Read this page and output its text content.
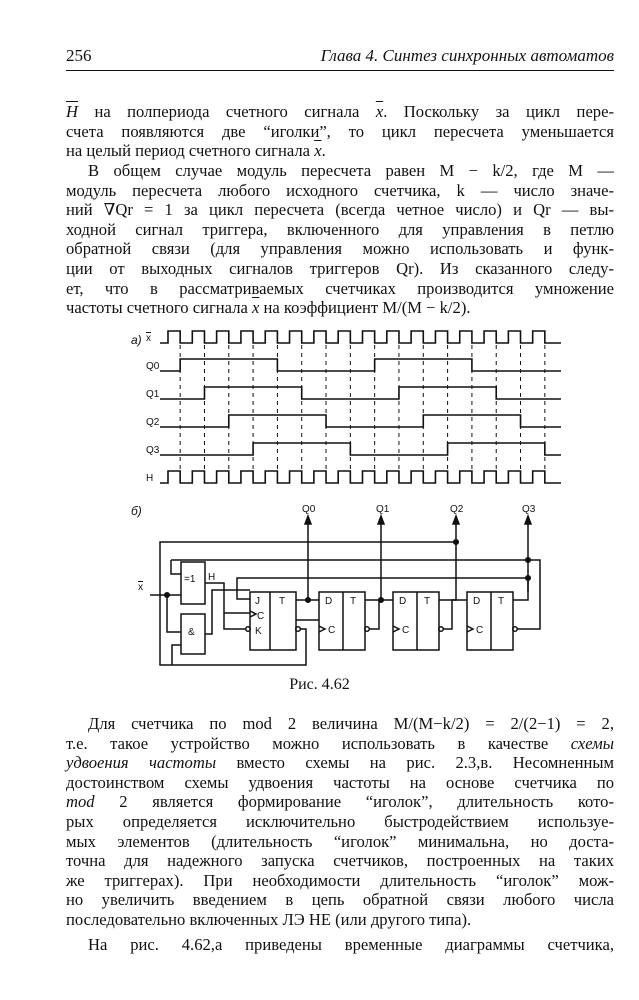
256	Глава 4. Синтез синхронных автоматов
$\overline{H}$ на полпериода счетного сигнала $\overline{x}$. Поскольку за цикл пере-
счета появляются две “иголки”, то цикл пересчета уменьшается
на целый период счетного сигнала $\overline{x}$.
В общем случае модуль пересчета равен M − k/2, где M —
модуль пересчета любого исходного счетчика, k — число значе-
ний ∇Qr = 1 за цикл пересчета (всегда четное число) и Qr — вы-
ходной сигнал триггера, включенного для управления в петлю
обратной связи (для управления можно использовать и функ-
ции от выходных сигналов триггеров Qr). Из сказанного следу-
ет, что в рассматриваемых счетчиках производится умножение
частоты счетного сигнала $\overline{x}$ на коэффициент M/(M − k/2).
а) x
Q0
Q1
Q2
Q3
H
б)	Q0	Q1	Q2	Q3
x
=1 H
&
J
C
K
T	D
C
T	D
C
T	D
C
T
Рис. 4.62
Для счетчика по mod 2 величина M/(M−k/2) = 2/(2−1) = 2,
т.е. такое устройство можно использовать в качестве схемы
удвоения частоты вместо схемы на рис. 2.3,в. Несомненным
достоинством схемы удвоения частоты на основе счетчика по
mod 2 является формирование “иголок”, длительность кото-
рых определяется исключительно быстродействием используе-
мых элементов (длительность “иголок” минимальна, но доста-
точна для надежного запуска счетчиков, построенных на таких
же триггерах). При необходимости длительность “иголок” мож-
но увеличить введением в цепь обратной связи любого числа
последовательно включенных ЛЭ НЕ (или другого типа).
На рис. 4.62,а приведены временные диаграммы счетчика,
